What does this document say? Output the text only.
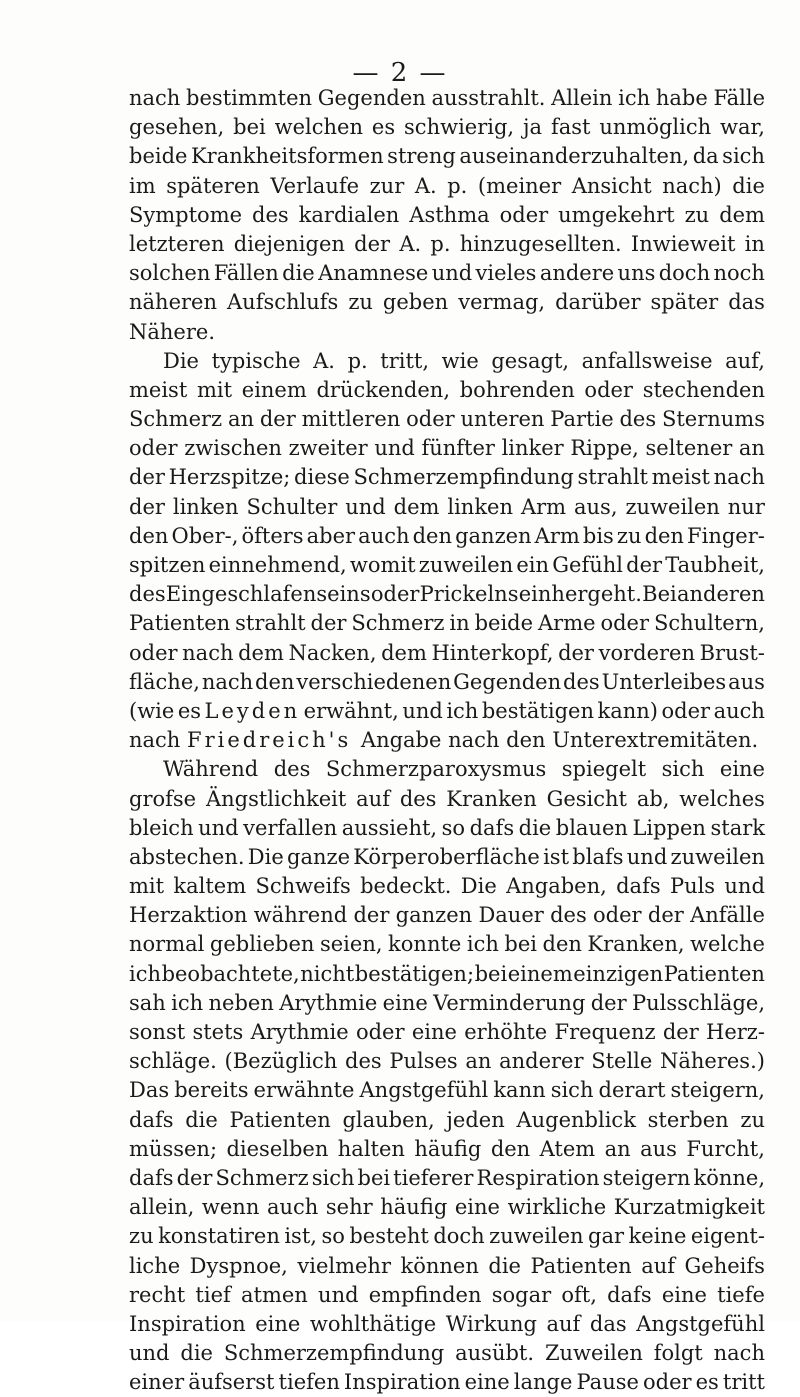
— 2 —
nach bestimmten Gegenden ausstrahlt. Allein ich habe Fälle
gesehen, bei welchen es schwierig, ja fast unmöglich war,
beide Krankheitsformen streng auseinanderzuhalten, da sich
im späteren Verlaufe zur A. p. (meiner Ansicht nach) die
Symptome des kardialen Asthma oder umgekehrt zu dem
letzteren diejenigen der A. p. hinzugesellten. Inwieweit in
solchen Fällen die Anamnese und vieles andere uns doch noch
näheren Aufschlufs zu geben vermag, darüber später das
Nähere.
Die typische A. p. tritt, wie gesagt, anfallsweise auf,
meist mit einem drückenden, bohrenden oder stechenden
Schmerz an der mittleren oder unteren Partie des Sternums
oder zwischen zweiter und fünfter linker Rippe, seltener an
der Herzspitze; diese Schmerzempfindung strahlt meist nach
der linken Schulter und dem linken Arm aus, zuweilen nur
den Ober-, öfters aber auch den ganzen Arm bis zu den Finger-
spitzen einnehmend, womit zuweilen ein Gefühl der Taubheit,
des Eingeschlafenseins oder Prickelns einhergeht. Bei anderen
Patienten strahlt der Schmerz in beide Arme oder Schultern,
oder nach dem Nacken, dem Hinterkopf, der vorderen Brust-
fläche, nach den verschiedenen Gegenden des Unterleibes aus
(wie es Leyden erwähnt, und ich bestätigen kann) oder auch
nach Friedreich's Angabe nach den Unterextremitäten.
Während des Schmerzparoxysmus spiegelt sich eine
grofse Ängstlichkeit auf des Kranken Gesicht ab, welches
bleich und verfallen aussieht, so dafs die blauen Lippen stark
abstechen. Die ganze Körperoberfläche ist blafs und zuweilen
mit kaltem Schweifs bedeckt. Die Angaben, dafs Puls und
Herzaktion während der ganzen Dauer des oder der Anfälle
normal geblieben seien, konnte ich bei den Kranken, welche
ich beobachtete, nicht bestätigen; bei einem einzigen Patienten
sah ich neben Arythmie eine Verminderung der Pulsschläge,
sonst stets Arythmie oder eine erhöhte Frequenz der Herz-
schläge. (Bezüglich des Pulses an anderer Stelle Näheres.)
Das bereits erwähnte Angstgefühl kann sich derart steigern,
dafs die Patienten glauben, jeden Augenblick sterben zu
müssen; dieselben halten häufig den Atem an aus Furcht,
dafs der Schmerz sich bei tieferer Respiration steigern könne,
allein, wenn auch sehr häufig eine wirkliche Kurzatmigkeit
zu konstatiren ist, so besteht doch zuweilen gar keine eigent-
liche Dyspnoe, vielmehr können die Patienten auf Geheifs
recht tief atmen und empfinden sogar oft, dafs eine tiefe
Inspiration eine wohlthätige Wirkung auf das Angstgefühl
und die Schmerzempfindung ausübt. Zuweilen folgt nach
einer äufserst tiefen Inspiration eine lange Pause oder es tritt
